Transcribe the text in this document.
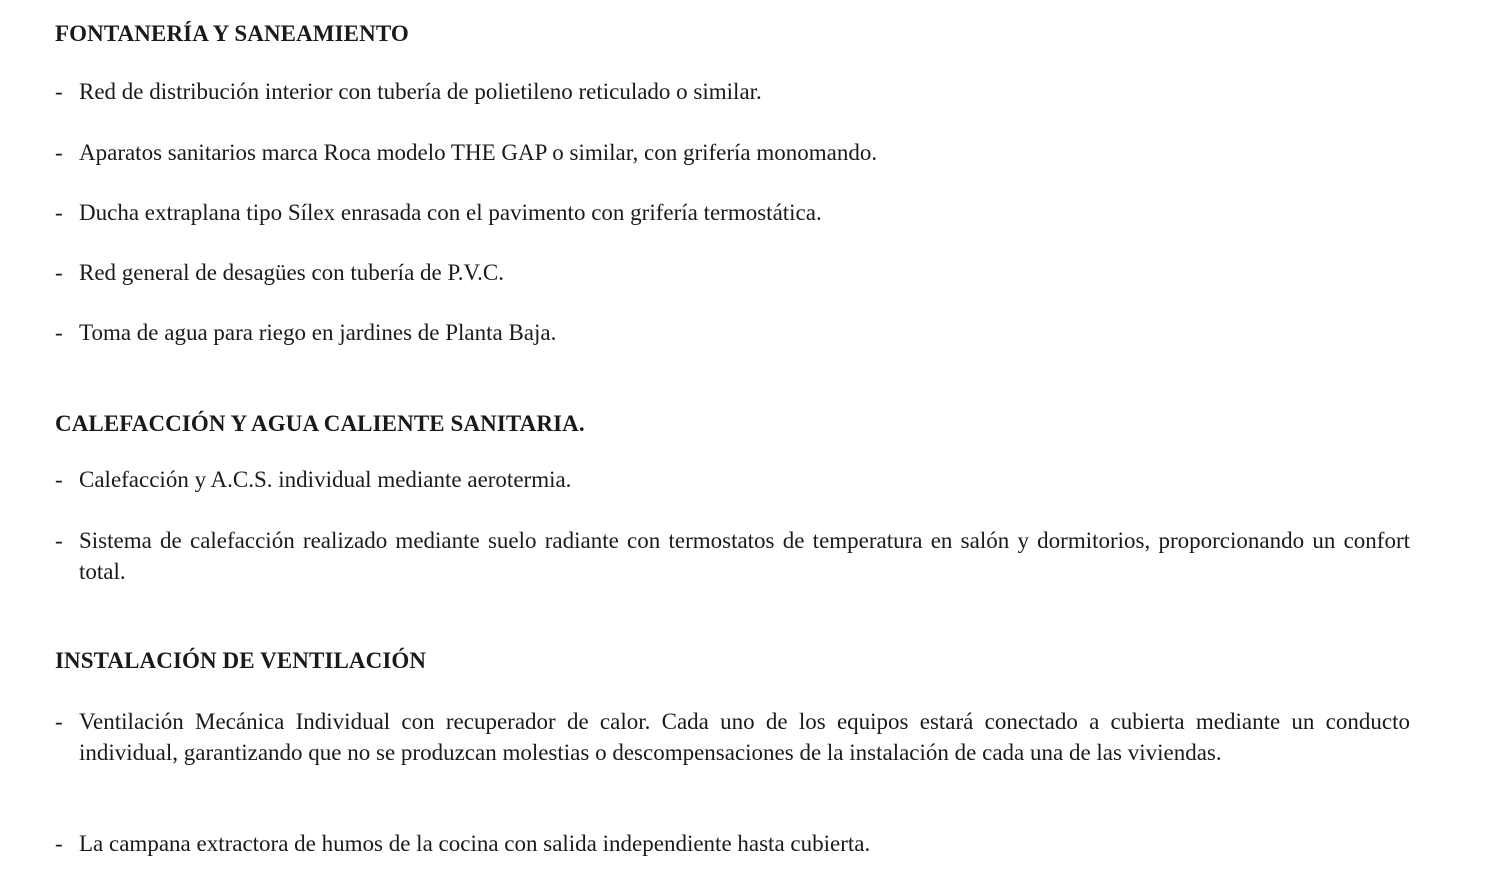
FONTANERÍA Y SANEAMIENTO

- Red de distribución interior con tubería de polietileno reticulado o similar.

- Aparatos sanitarios marca Roca modelo THE GAP o similar, con grifería monomando.

- Ducha extraplana tipo Sílex enrasada con el pavimento con grifería termostática.

- Red general de desagües con tubería de P.V.C.

- Toma de agua para riego en jardines de Planta Baja.

CALEFACCIÓN Y AGUA CALIENTE SANITARIA.

- Calefacción y A.C.S. individual mediante aerotermia.

- Sistema de calefacción realizado mediante suelo radiante con termostatos de temperatura en salón y dormitorios, proporcionando un confort total.

INSTALACIÓN DE VENTILACIÓN

- Ventilación Mecánica Individual con recuperador de calor. Cada uno de los equipos estará conectado a cubierta mediante un conducto individual, garantizando que no se produzcan molestias o descompensaciones de la instalación de cada una de las viviendas.

- La campana extractora de humos de la cocina con salida independiente hasta cubierta.
